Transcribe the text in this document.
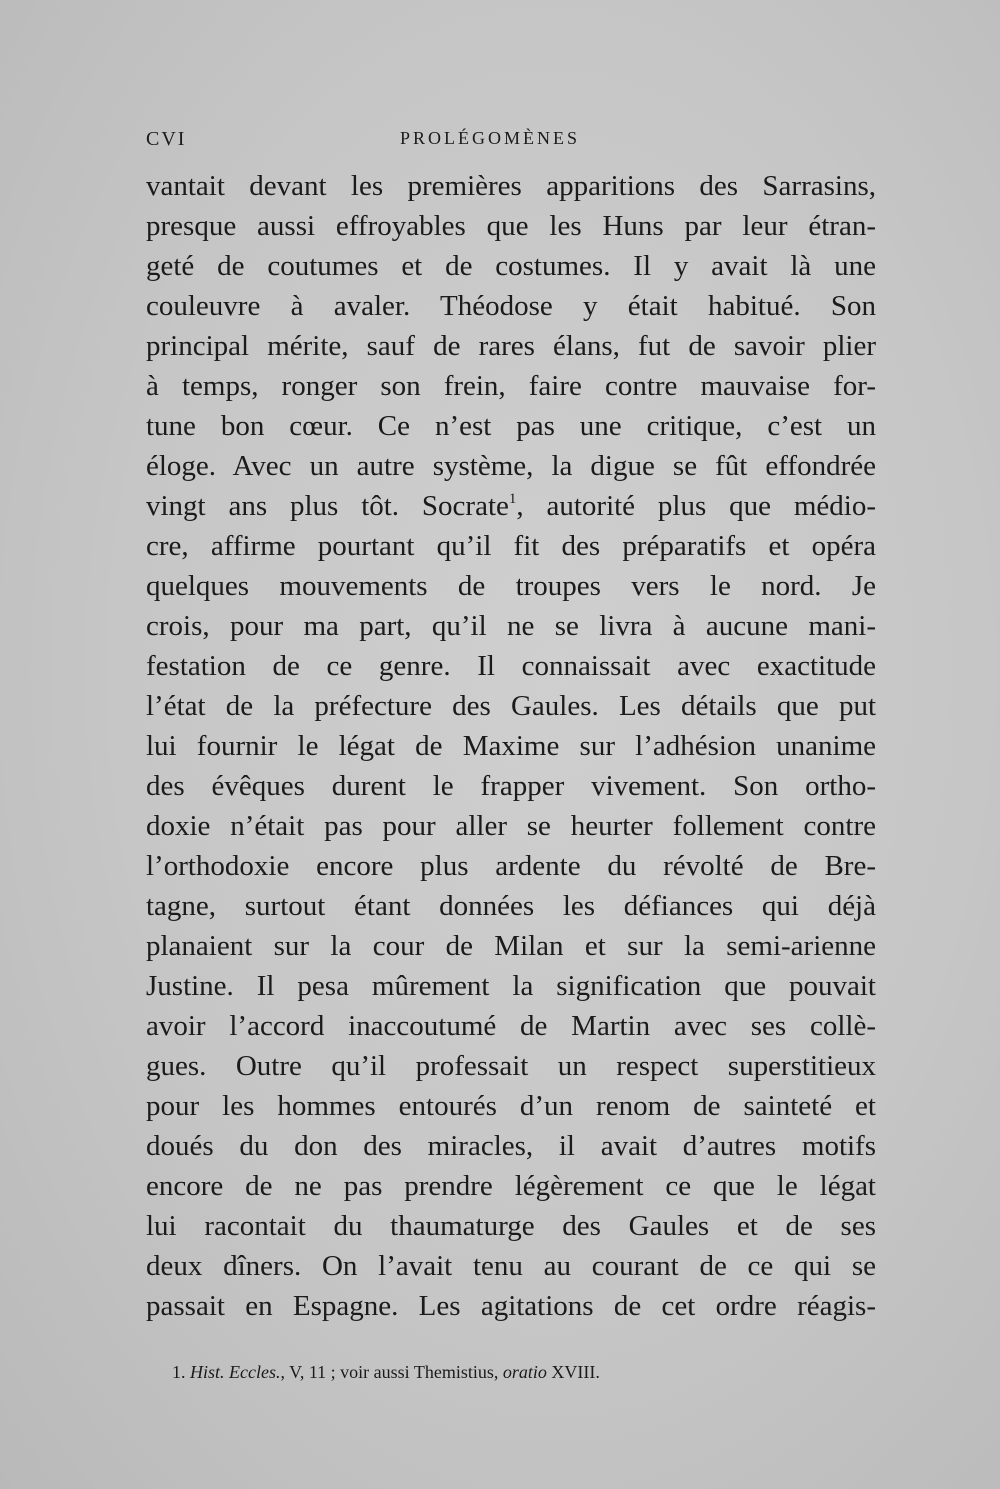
CVI	PROLÉGOMÈNES
vantait devant les premières apparitions des Sarrasins,
presque aussi effroyables que les Huns par leur étran-
geté de coutumes et de costumes. Il y avait là une
couleuvre à avaler. Théodose y était habitué. Son
principal mérite, sauf de rares élans, fut de savoir plier
à temps, ronger son frein, faire contre mauvaise for-
tune bon cœur. Ce n’est pas une critique, c’est un
éloge. Avec un autre système, la digue se fût effondrée
vingt ans plus tôt. Socrate$^1$, autorité plus que médio-
cre, affirme pourtant qu’il fit des préparatifs et opéra
quelques mouvements de troupes vers le nord. Je
crois, pour ma part, qu’il ne se livra à aucune mani-
festation de ce genre. Il connaissait avec exactitude
l’état de la préfecture des Gaules. Les détails que put
lui fournir le légat de Maxime sur l’adhésion unanime
des évêques durent le frapper vivement. Son ortho-
doxie n’était pas pour aller se heurter follement contre
l’orthodoxie encore plus ardente du révolté de Bre-
tagne, surtout étant données les défiances qui déjà
planaient sur la cour de Milan et sur la semi-arienne
Justine. Il pesa mûrement la signification que pouvait
avoir l’accord inaccoutumé de Martin avec ses collè-
gues. Outre qu’il professait un respect superstitieux
pour les hommes entourés d’un renom de sainteté et
doués du don des miracles, il avait d’autres motifs
encore de ne pas prendre légèrement ce que le légat
lui racontait du thaumaturge des Gaules et de ses
deux dîners. On l’avait tenu au courant de ce qui se
passait en Espagne. Les agitations de cet ordre réagis-
1. Hist. Eccles., V, 11 ; voir aussi Themistius, oratio XVIII.
